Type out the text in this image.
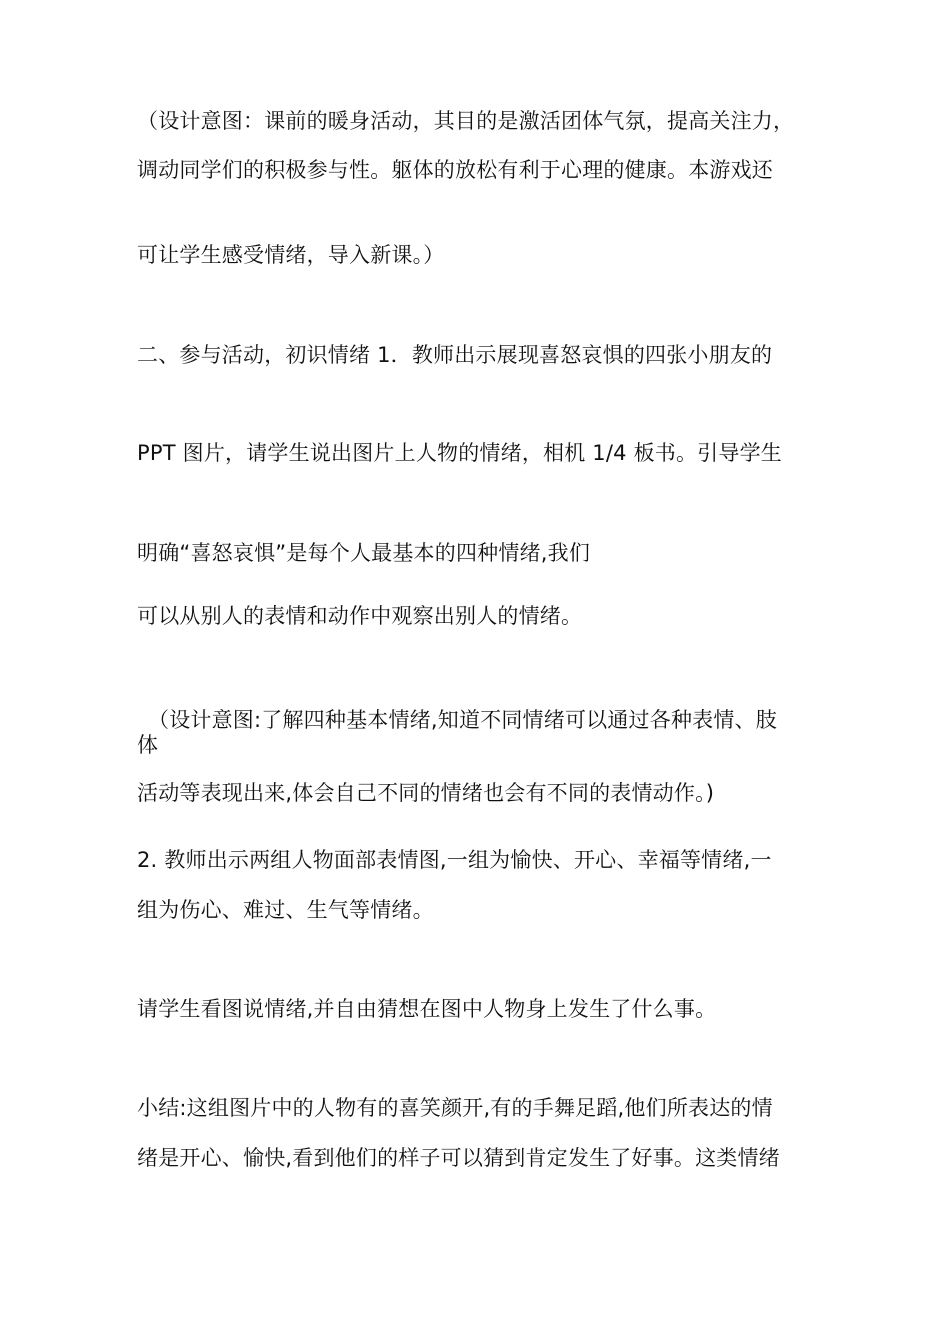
（设计意图：课前的暖身活动，其目的是激活团体气氛，提高关注力，
调动同学们的积极参与性。躯体的放松有利于心理的健康。本游戏还
可让学生感受情绪，导入新课。）
二、参与活动，初识情绪 1．教师出示展现喜怒哀惧的四张小朋友的
PPT 图片，请学生说出图片上人物的情绪，相机 1/4 板书。引导学生
明确“喜怒哀惧”是每个人最基本的四种情绪,我们
可以从别人的表情和动作中观察出别人的情绪。
（设计意图:了解四种基本情绪,知道不同情绪可以通过各种表情、肢
体
活动等表现出来,体会自己不同的情绪也会有不同的表情动作。)
2. 教师出示两组人物面部表情图,一组为愉快、开心、幸福等情绪,一
组为伤心、难过、生气等情绪。
请学生看图说情绪,并自由猜想在图中人物身上发生了什么事。
小结:这组图片中的人物有的喜笑颜开,有的手舞足蹈,他们所表达的情
绪是开心、愉快,看到他们的样子可以猜到肯定发生了好事。这类情绪
